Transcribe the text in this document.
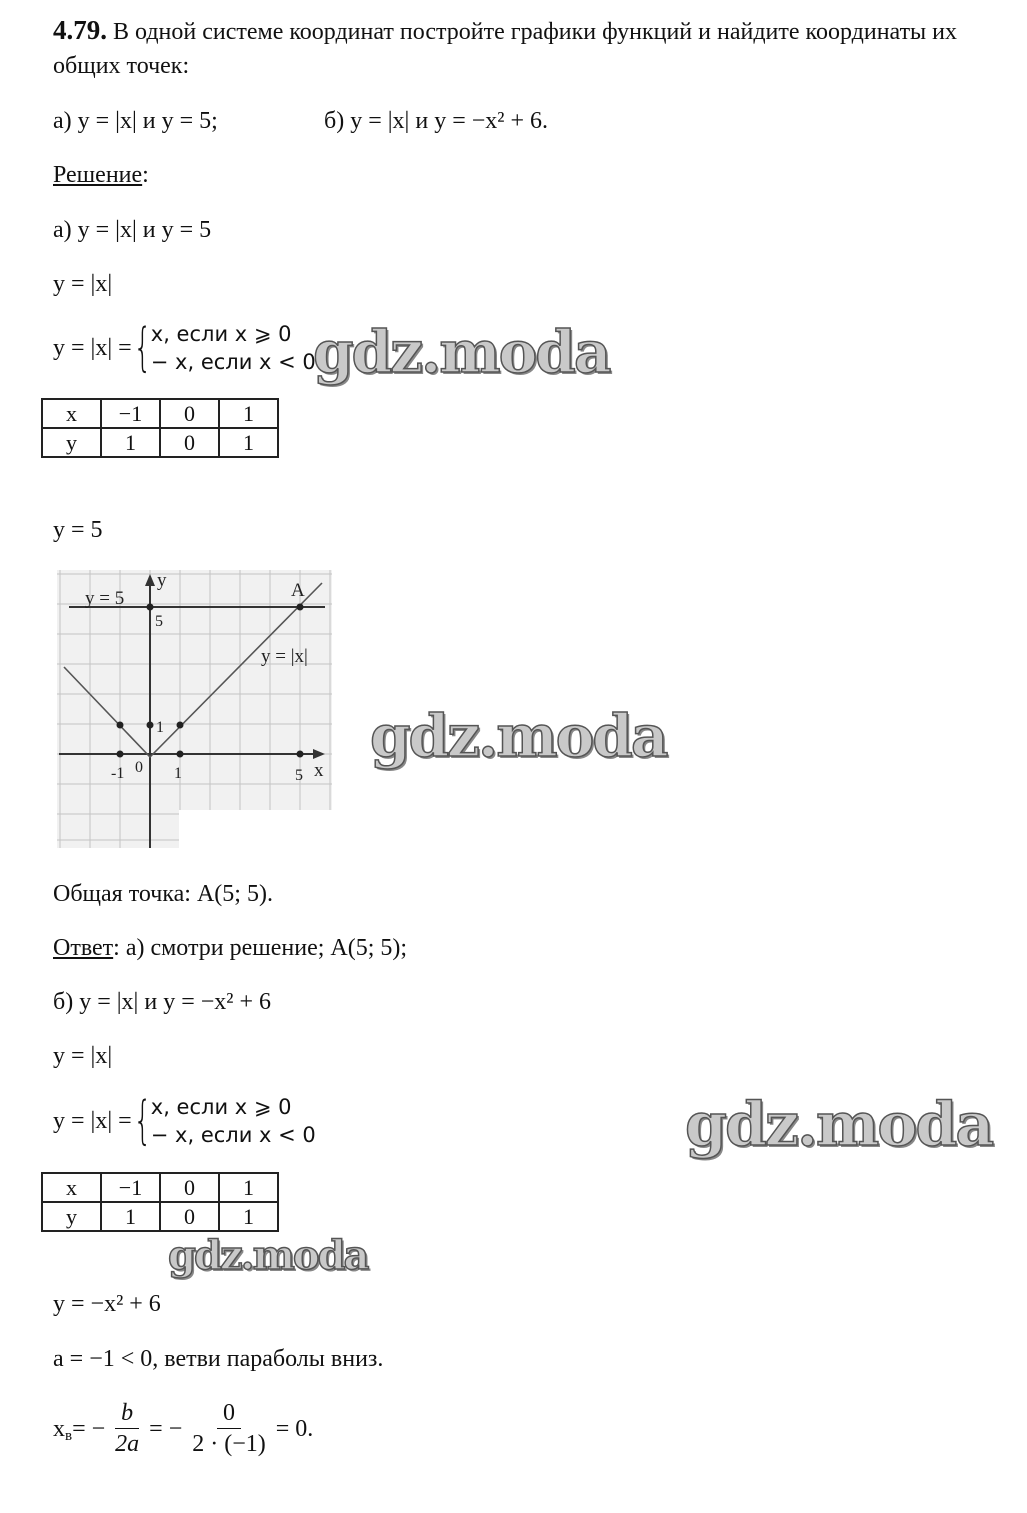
4.79. В одной системе координат постройте графики функций и найдите координаты их
общих точек:
а) y = |x| и y = 5;	б) y = |x| и y = −x² + 6.
Решение:
а) y = |x| и y = 5
y = |x|
y = |x| = { x, если x ⩾ 0
− x, если x < 0
gdz.moda
x	−1	0	1
y	1	0	1
y = 5
y = 5
y = |x|
A
y
x
5
1
-1 0 1	5
gdz.moda
Общая точка: A(5; 5).
Ответ: а) смотри решение; A(5; 5);
б) y = |x| и y = −x² + 6
y = |x|
y = |x| = { x, если x ⩾ 0
− x, если x < 0	gdz.moda
x	−1	0	1
y	1	0	1
gdz.moda
y = −x² + 6
a = −1 < 0, ветви параболы вниз.
$x_в$ = − $\frac{b}{2a}$ = − $\frac{0}{2 \cdot (-1)} = 0$.
